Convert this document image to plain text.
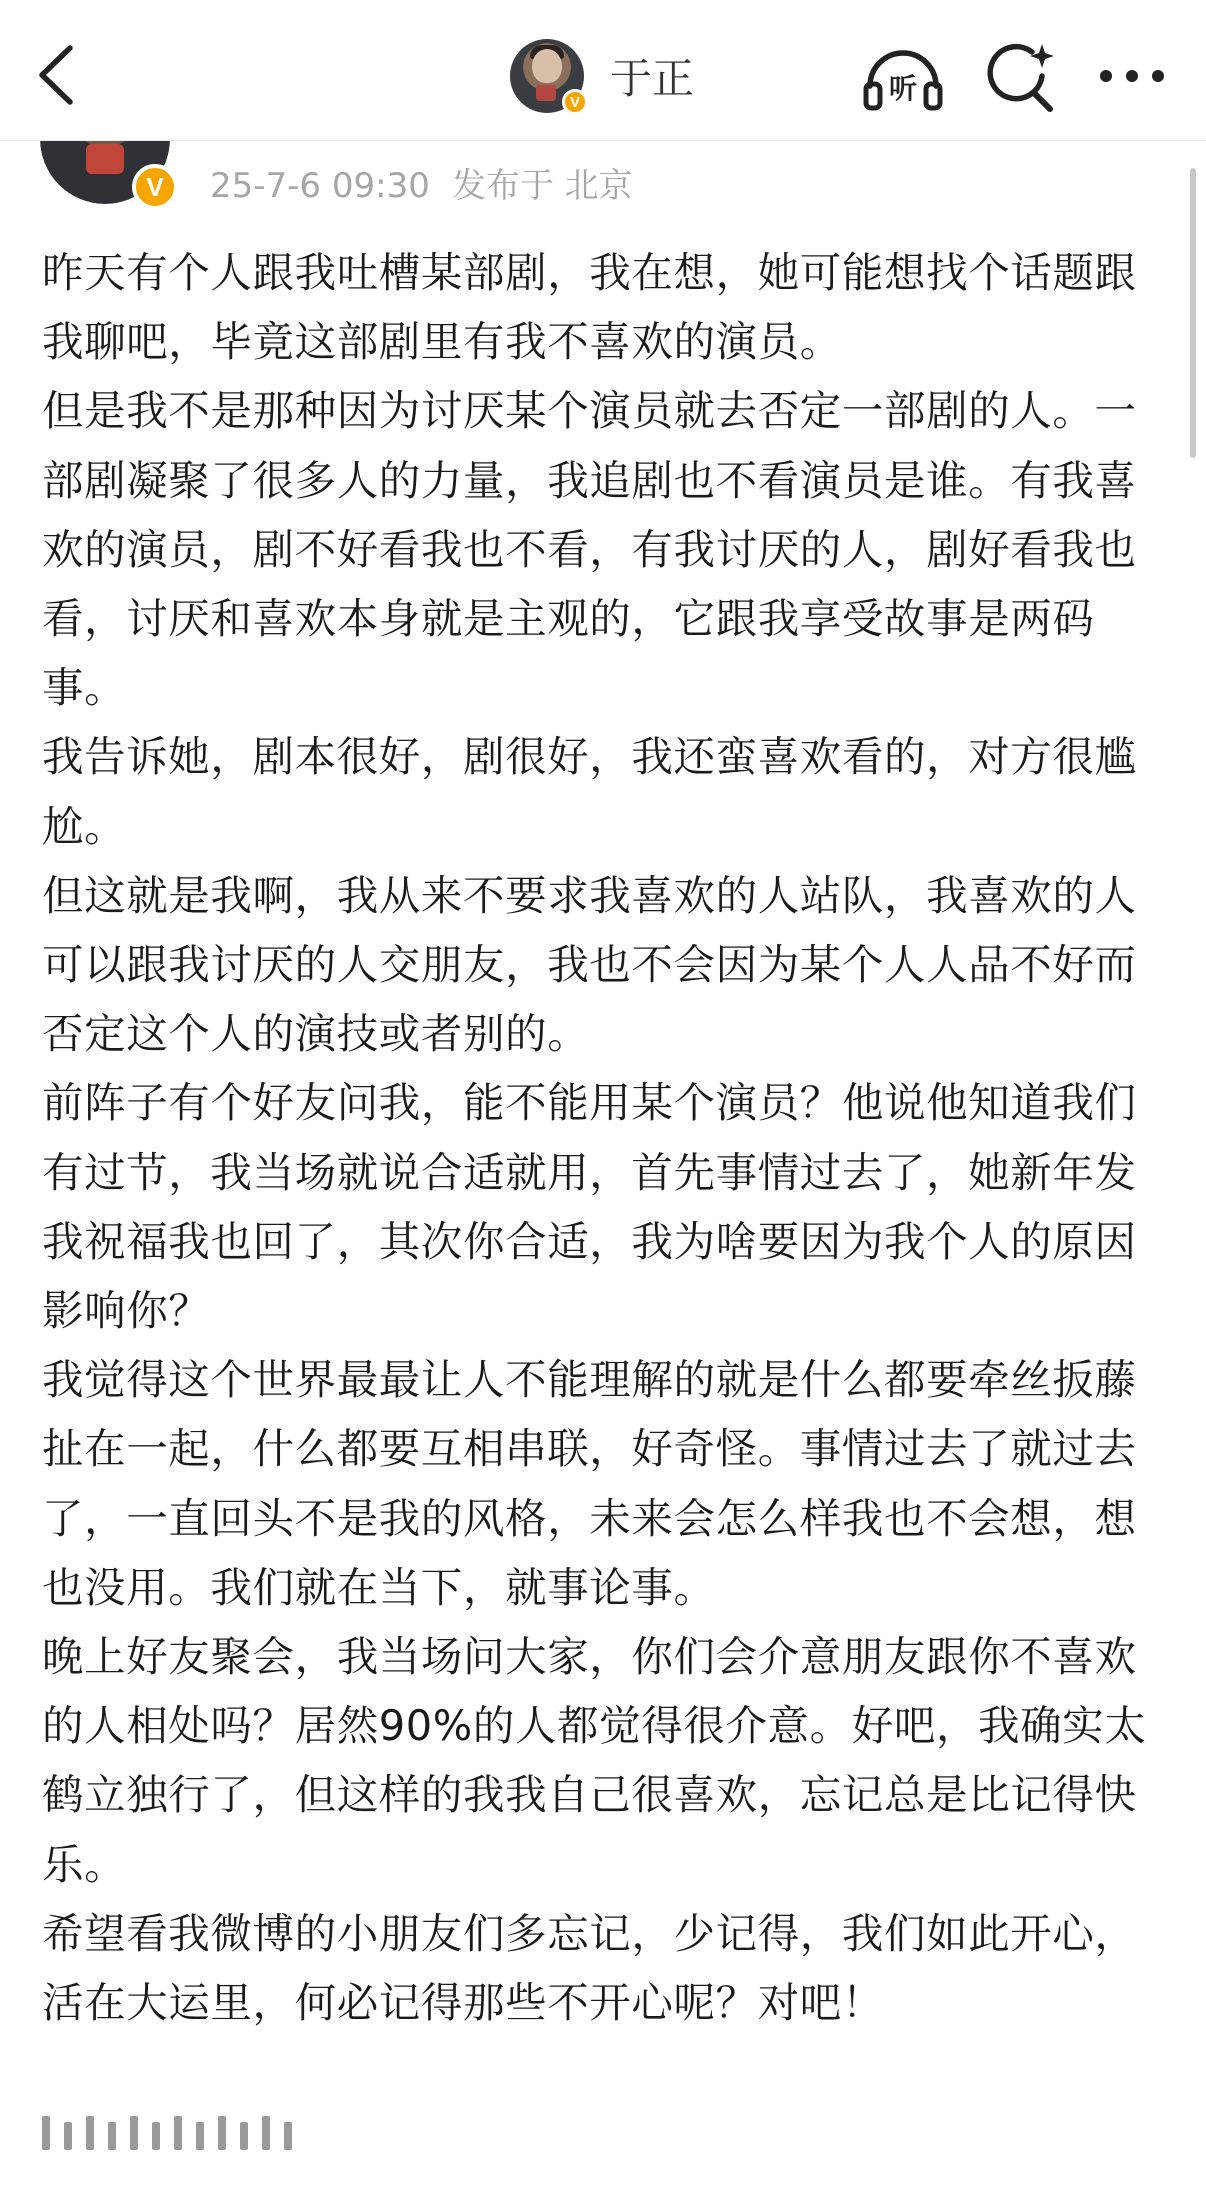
V 于正	听
V	25-7-6 09:30 发布于 北京

昨天有个人跟我吐槽某部剧，我在想，她可能想找个话题跟我聊吧，毕竟这部剧里有我不喜欢的演员。

但是我不是那种因为讨厌某个演员就去否定一部剧的人。一部剧凝聚了很多人的力量，我追剧也不看演员是谁。有我喜欢的演员，剧不好看我也不看，有我讨厌的人，剧好看我也看，讨厌和喜欢本身就是主观的，它跟我享受故事是两码事。

我告诉她，剧本很好，剧很好，我还蛮喜欢看的，对方很尴尬。

但这就是我啊，我从来不要求我喜欢的人站队，我喜欢的人可以跟我讨厌的人交朋友，我也不会因为某个人人品不好而否定这个人的演技或者别的。

前阵子有个好友问我，能不能用某个演员？他说他知道我们有过节，我当场就说合适就用，首先事情过去了，她新年发我祝福我也回了，其次你合适，我为啥要因为我个人的原因影响你？

我觉得这个世界最最让人不能理解的就是什么都要牵丝扳藤扯在一起，什么都要互相串联，好奇怪。事情过去了就过去了，一直回头不是我的风格，未来会怎么样我也不会想，想也没用。我们就在当下，就事论事。

晚上好友聚会，我当场问大家，你们会介意朋友跟你不喜欢的人相处吗？居然90%的人都觉得很介意。好吧，我确实太鹤立独行了，但这样的我我自己很喜欢，忘记总是比记得快乐。

希望看我微博的小朋友们多忘记，少记得，我们如此开心，活在大运里，何必记得那些不开心呢？对吧！
